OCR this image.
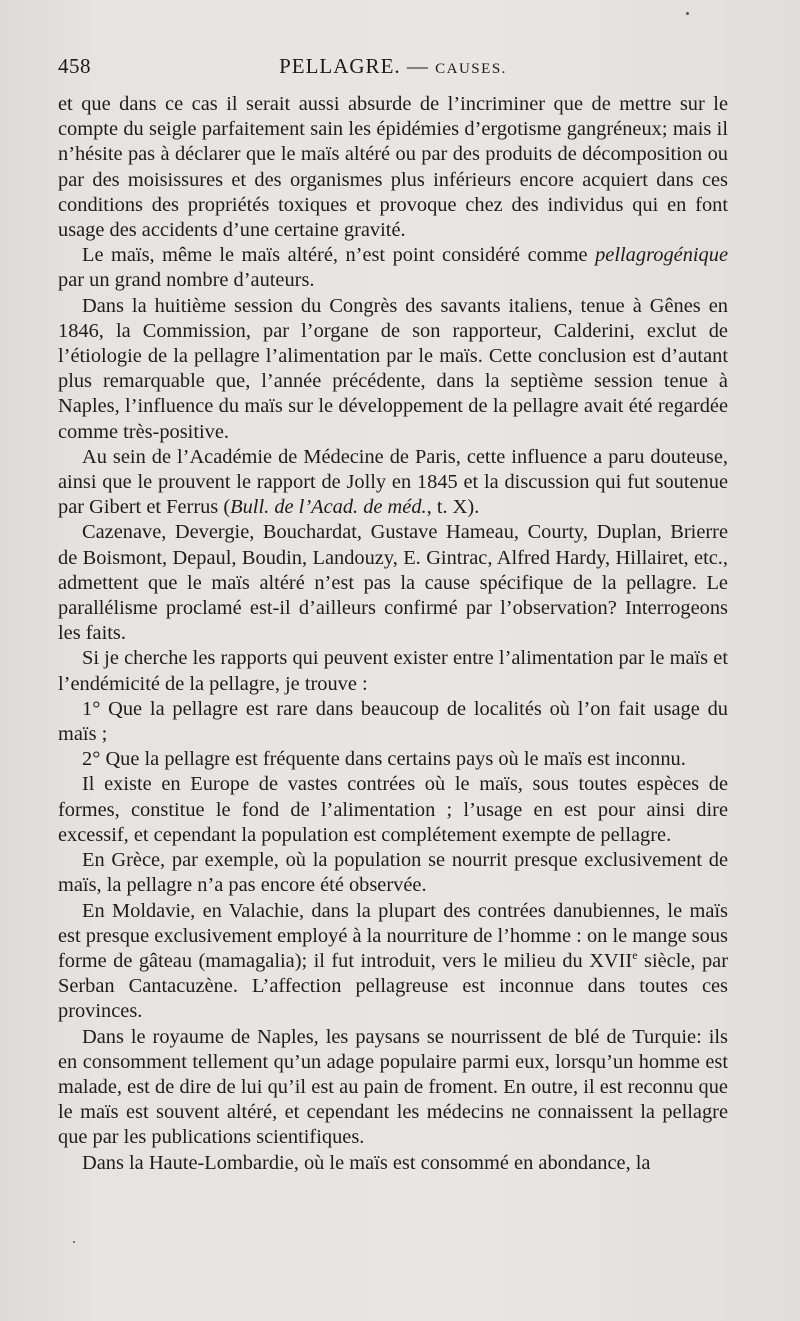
458	PELLAGRE. — CAUSES.

et que dans ce cas il serait aussi absurde de l’incriminer que de mettre sur le compte du seigle parfaitement sain les épidémies d’ergotisme gangréneux; mais il n’hésite pas à déclarer que le maïs altéré ou par des produits de décomposition ou par des moisissures et des organismes plus inférieurs encore acquiert dans ces conditions des propriétés toxiques et provoque chez des individus qui en font usage des accidents d’une certaine gravité.

Le maïs, même le maïs altéré, n’est point considéré comme pellagrogénique par un grand nombre d’auteurs.

Dans la huitième session du Congrès des savants italiens, tenue à Gênes en 1846, la Commission, par l’organe de son rapporteur, Calderini, exclut de l’étiologie de la pellagre l’alimentation par le maïs. Cette conclusion est d’autant plus remarquable que, l’année précédente, dans la septième session tenue à Naples, l’influence du maïs sur le développement de la pellagre avait été regardée comme très-positive.

Au sein de l’Académie de Médecine de Paris, cette influence a paru douteuse, ainsi que le prouvent le rapport de Jolly en 1845 et la discussion qui fut soutenue par Gibert et Ferrus (Bull. de l’Acad. de méd., t. X).

Cazenave, Devergie, Bouchardat, Gustave Hameau, Courty, Duplan, Brierre de Boismont, Depaul, Boudin, Landouzy, E. Gintrac, Alfred Hardy, Hillairet, etc., admettent que le maïs altéré n’est pas la cause spécifique de la pellagre. Le parallélisme proclamé est-il d’ailleurs confirmé par l’observation? Interrogeons les faits.

Si je cherche les rapports qui peuvent exister entre l’alimentation par le maïs et l’endémicité de la pellagre, je trouve :

1° Que la pellagre est rare dans beaucoup de localités où l’on fait usage du maïs ;

2° Que la pellagre est fréquente dans certains pays où le maïs est inconnu.

Il existe en Europe de vastes contrées où le maïs, sous toutes espèces de formes, constitue le fond de l’alimentation ; l’usage en est pour ainsi dire excessif, et cependant la population est complétement exempte de pellagre.

En Grèce, par exemple, où la population se nourrit presque exclusivement de maïs, la pellagre n’a pas encore été observée.

En Moldavie, en Valachie, dans la plupart des contrées danubiennes, le maïs est presque exclusivement employé à la nourriture de l’homme : on le mange sous forme de gâteau (mamagalia); il fut introduit, vers le milieu du XVIIe siècle, par Serban Cantacuzène. L’affection pellagreuse est inconnue dans toutes ces provinces.

Dans le royaume de Naples, les paysans se nourrissent de blé de Turquie: ils en consomment tellement qu’un adage populaire parmi eux, lorsqu’un homme est malade, est de dire de lui qu’il est au pain de froment. En outre, il est reconnu que le maïs est souvent altéré, et cependant les médecins ne connaissent la pellagre que par les publications scientifiques.

Dans la Haute-Lombardie, où le maïs est consommé en abondance, la
